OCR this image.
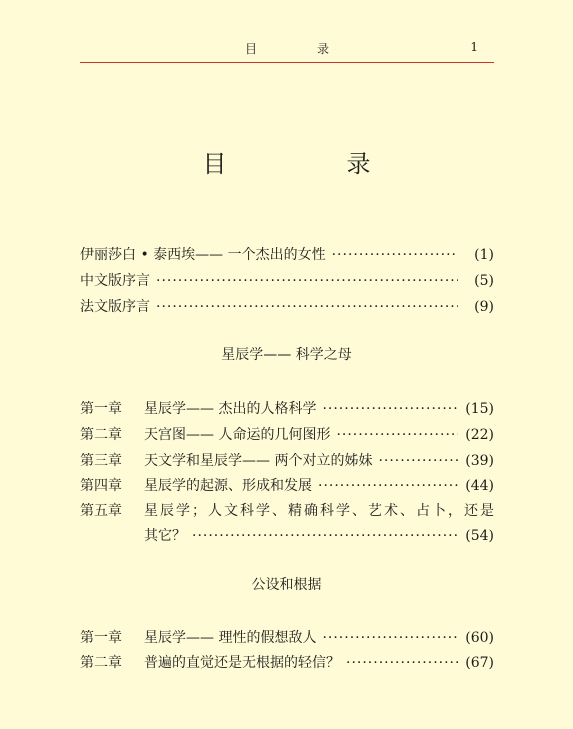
目　录	1
目　录
伊丽莎白 • 泰西埃—— 一个杰出的女性 ·····	(1)
中文版序言 ·····	(5)
法文版序言 ·····	(9)
星辰学—— 科学之母
第一章	星辰学—— 杰出的人格科学 ·····	(15)
第二章	天宫图—— 人命运的几何图形 ·····	(22)
第三章	天文学和星辰学—— 两个对立的姊妹 ·····	(39)
第四章	星辰学的起源、形成和发展 ·····	(44)
第五章	星辰学；人文科学、精确科学、艺术、占卜，还是
其它？ ·····	(54)
公设和根据
第一章	星辰学—— 理性的假想敌人 ·····	(60)
第二章	普遍的直觉还是无根据的轻信？ ·····	(67)
